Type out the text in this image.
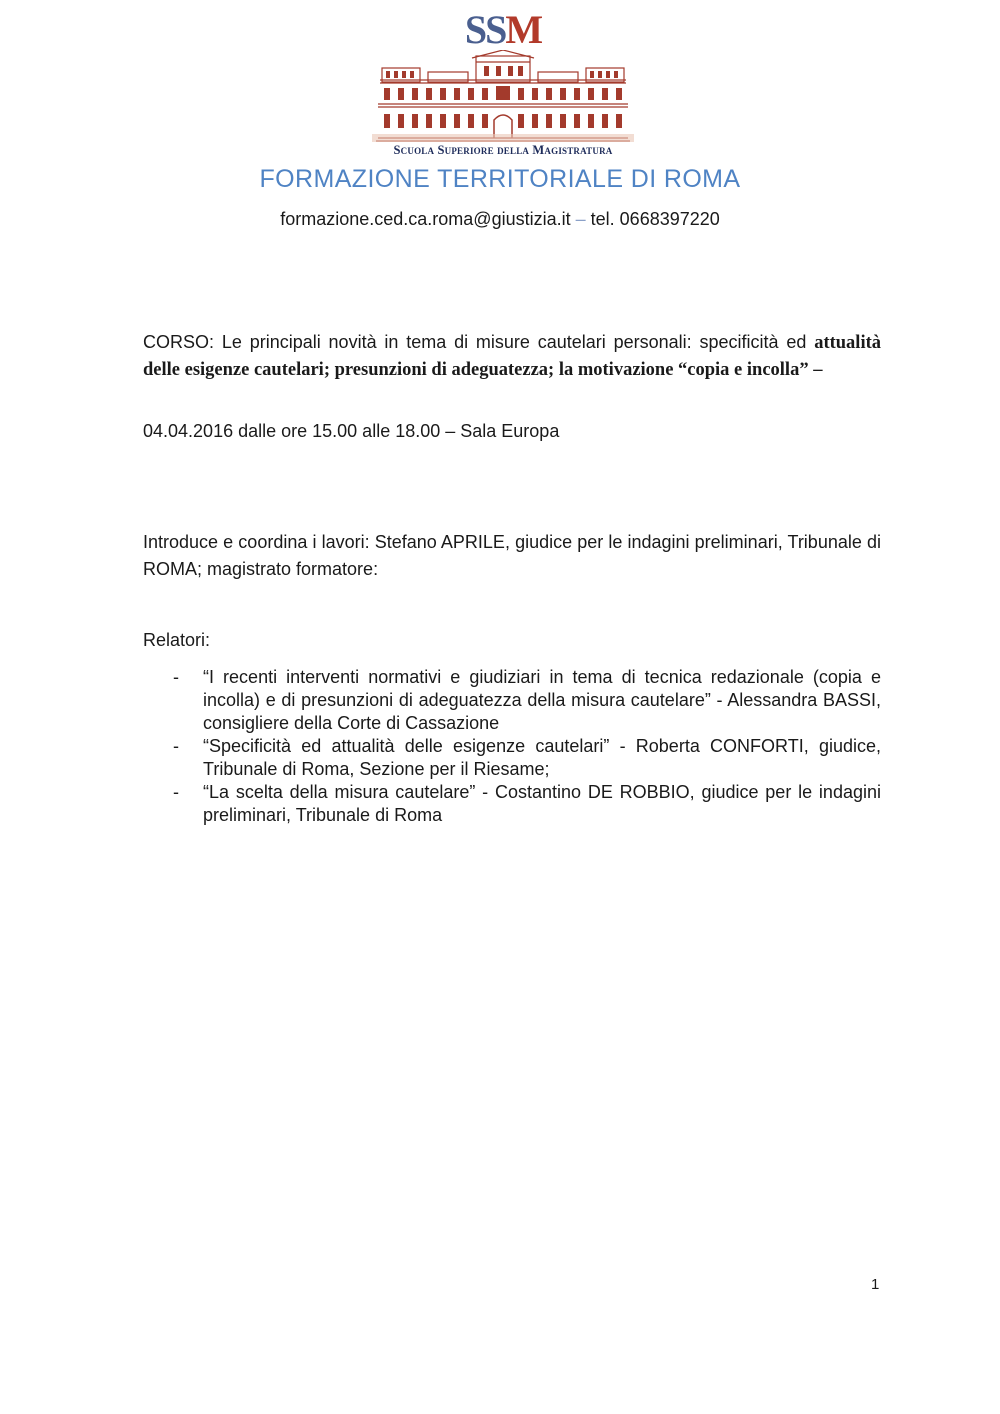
SSM
Scuola Superiore della Magistratura
FORMAZIONE TERRITORIALE DI ROMA
formazione.ced.ca.roma@giustizia.it – tel. 0668397220
CORSO: Le principali novità in tema di misure cautelari personali: specificità ed attualità delle esigenze cautelari; presunzioni di adeguatezza; la motivazione “copia e incolla” –
04.04.2016 dalle ore 15.00 alle 18.00 – Sala Europa
Introduce e coordina i lavori: Stefano APRILE, giudice per le indagini preliminari, Tribunale di ROMA; magistrato formatore:
Relatori:
- “I recenti interventi normativi e giudiziari in tema di tecnica redazionale (copia e incolla) e di presunzioni di adeguatezza della misura cautelare” - Alessandra BASSI, consigliere della Corte di Cassazione
- “Specificità ed attualità delle esigenze cautelari” - Roberta CONFORTI, giudice, Tribunale di Roma, Sezione per il Riesame;
- “La scelta della misura cautelare” - Costantino DE ROBBIO, giudice per le indagini preliminari, Tribunale di Roma
1
